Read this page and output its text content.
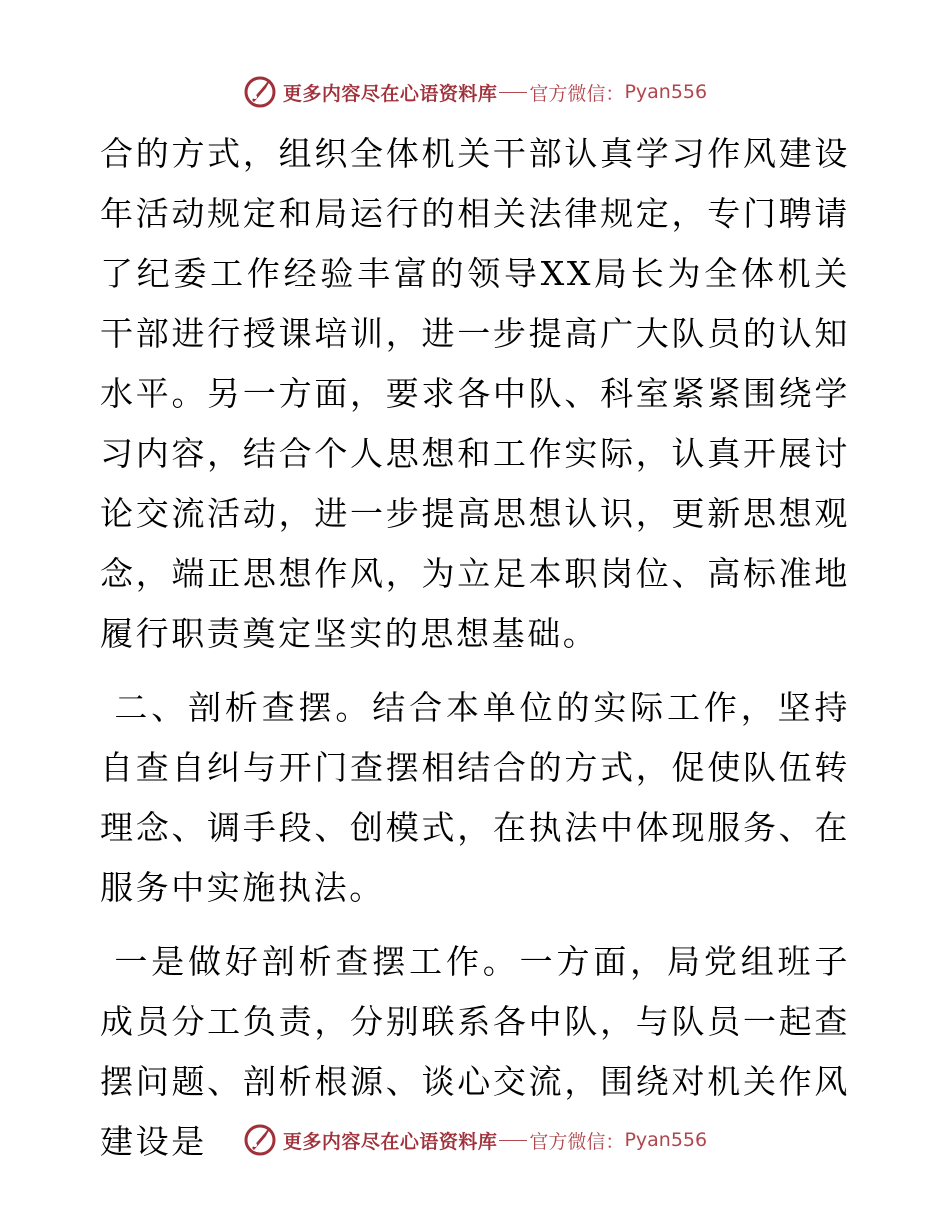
更多内容尽在心语资料库 官方微信： Pyan556

合的方式，组织全体机关干部认真学习作风建设年活动规定和局运行的相关法律规定，专门聘请了纪委工作经验丰富的领导XX局长为全体机关干部进行授课培训，进一步提高广大队员的认知水平。另一方面，要求各中队、科室紧紧围绕学习内容，结合个人思想和工作实际，认真开展讨论交流活动，进一步提高思想认识，更新思想观念，端正思想作风，为立足本职岗位、高标准地履行职责奠定坚实的思想基础。

二、剖析查摆。结合本单位的实际工作，坚持自查自纠与开门查摆相结合的方式，促使队伍转理念、调手段、创模式，在执法中体现服务、在服务中实施执法。

一是做好剖析查摆工作。一方面，局党组班子成员分工负责，分别联系各中队，与队员一起查摆问题、剖析根源、谈心交流，围绕对机关作风建设是	更多内容尽在心语资料库 官方微信： Pyan556
